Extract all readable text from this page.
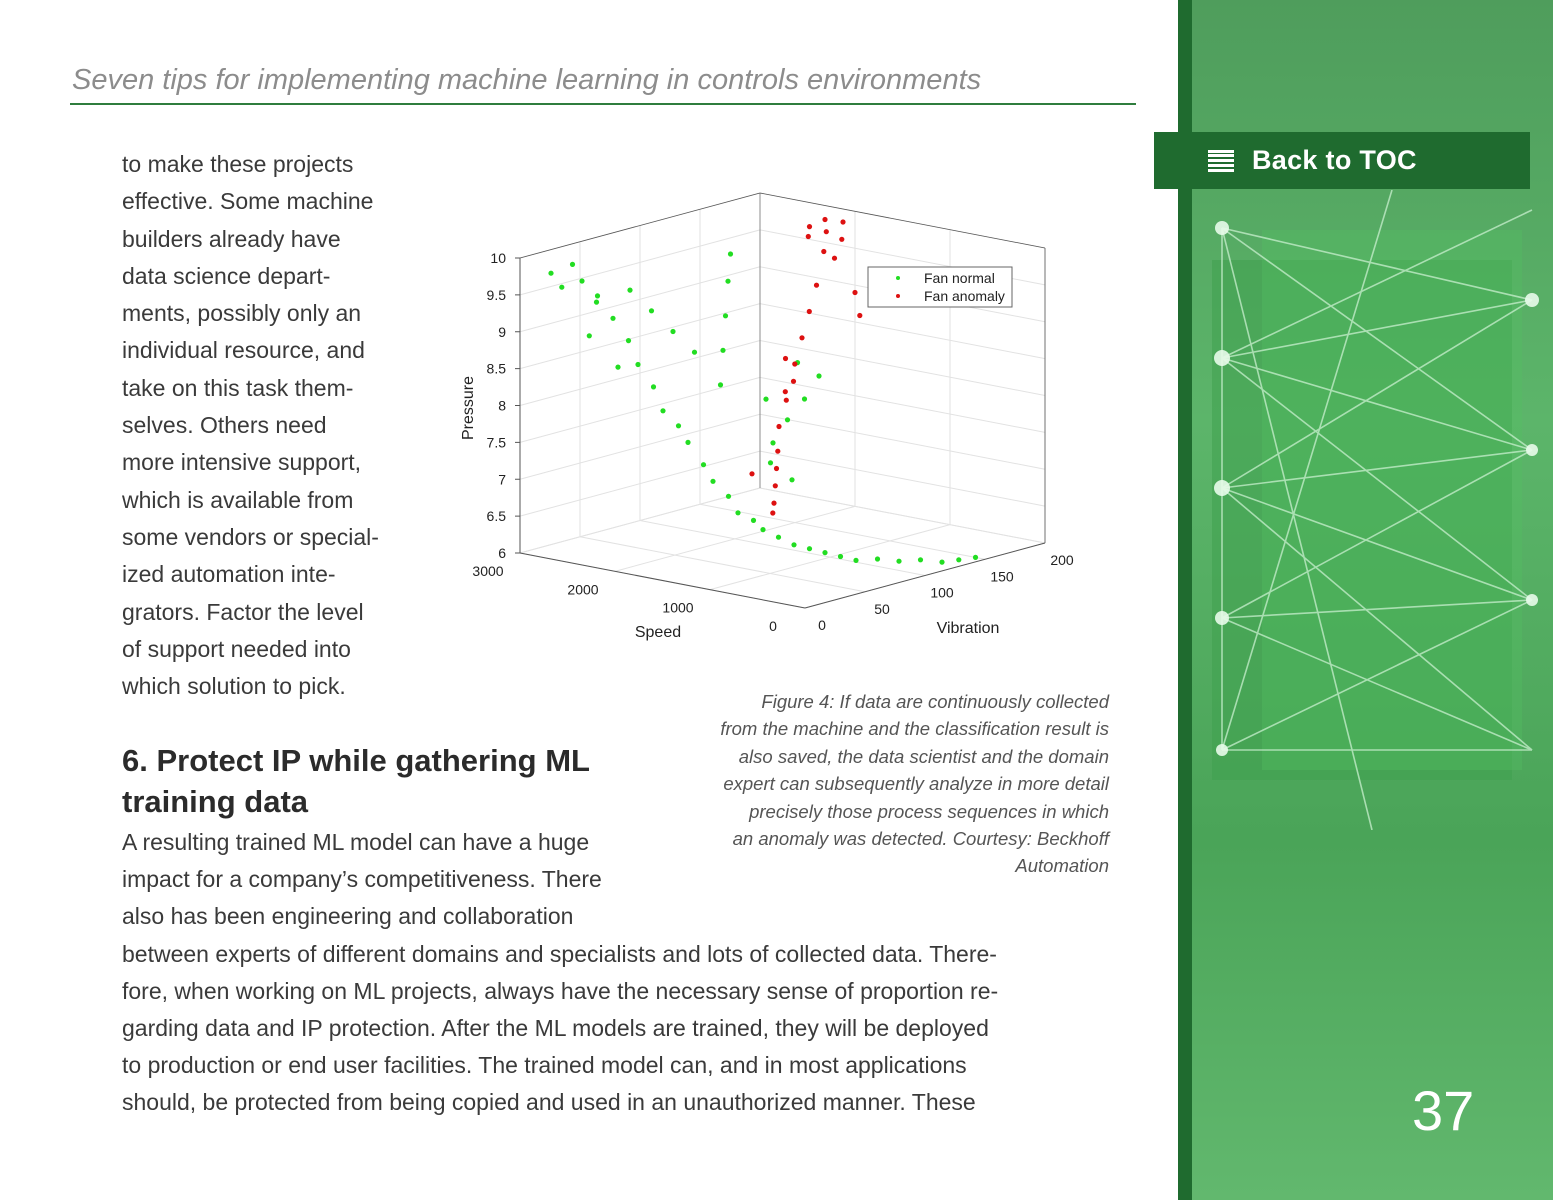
Seven tips for implementing machine learning in controls environments
to make these projects
effective. Some machine
builders already have
data science depart-
ments, possibly only an
individual resource, and
take on this task them-
selves. Others need
more intensive support,
which is available from
some vendors or special-
ized automation inte-
grators. Factor the level
of support needed into
which solution to pick.
6
6.5
7
7.5
8
8.5
9
9.5
10
3000
2000
1000
0	0
50
100
150
200
Speed	Vibration
Pressure
Fan normal
Fan anomaly
Figure 4: If data are continuously collected
from the machine and the classification result is
also saved, the data scientist and the domain
expert can subsequently analyze in more detail
precisely those process sequences in which
an anomaly was detected. Courtesy: Beckhoff
Automation
6. Protect IP while gathering ML
training data
A resulting trained ML model can have a huge
impact for a company’s competitiveness. There
also has been engineering and collaboration
between experts of different domains and specialists and lots of collected data. There-
fore, when working on ML projects, always have the necessary sense of proportion re-
garding data and IP protection. After the ML models are trained, they will be deployed
to production or end user facilities. The trained model can, and in most applications
should, be protected from being copied and used in an unauthorized manner. These
Back to TOC
37
